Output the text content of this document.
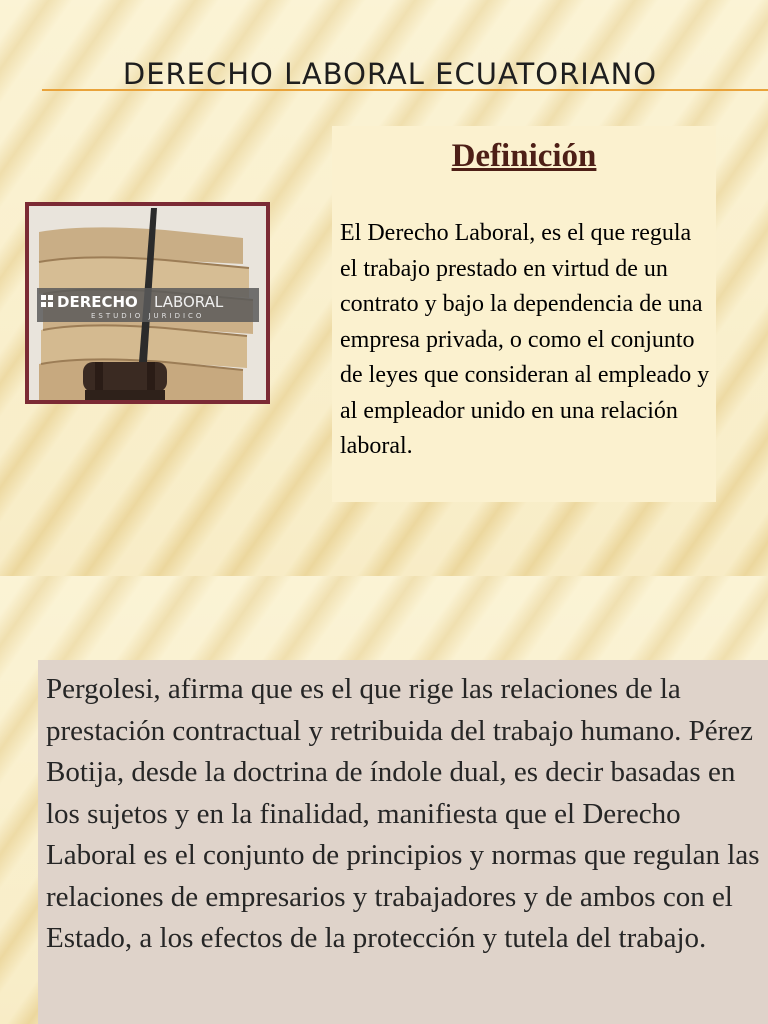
DERECHO LABORAL ECUATORIANO
DERECHO LABORAL
ESTUDIO JURIDICO
Definición
El Derecho Laboral, es el que regula el trabajo prestado en virtud de un contrato y bajo la dependencia de una empresa privada, o como el conjunto de leyes que consideran al empleado y al empleador unido en una relación laboral.
Pergolesi, afirma que es el que rige las relaciones de la prestación contractual y retribuida del trabajo humano. Pérez Botija, desde la doctrina de índole dual, es decir basadas en los sujetos y en la finalidad, manifiesta que el Derecho Laboral es el conjunto de principios y normas que regulan las relaciones de empresarios y trabajadores y de ambos con el Estado, a los efectos de la protección y tutela del trabajo.
